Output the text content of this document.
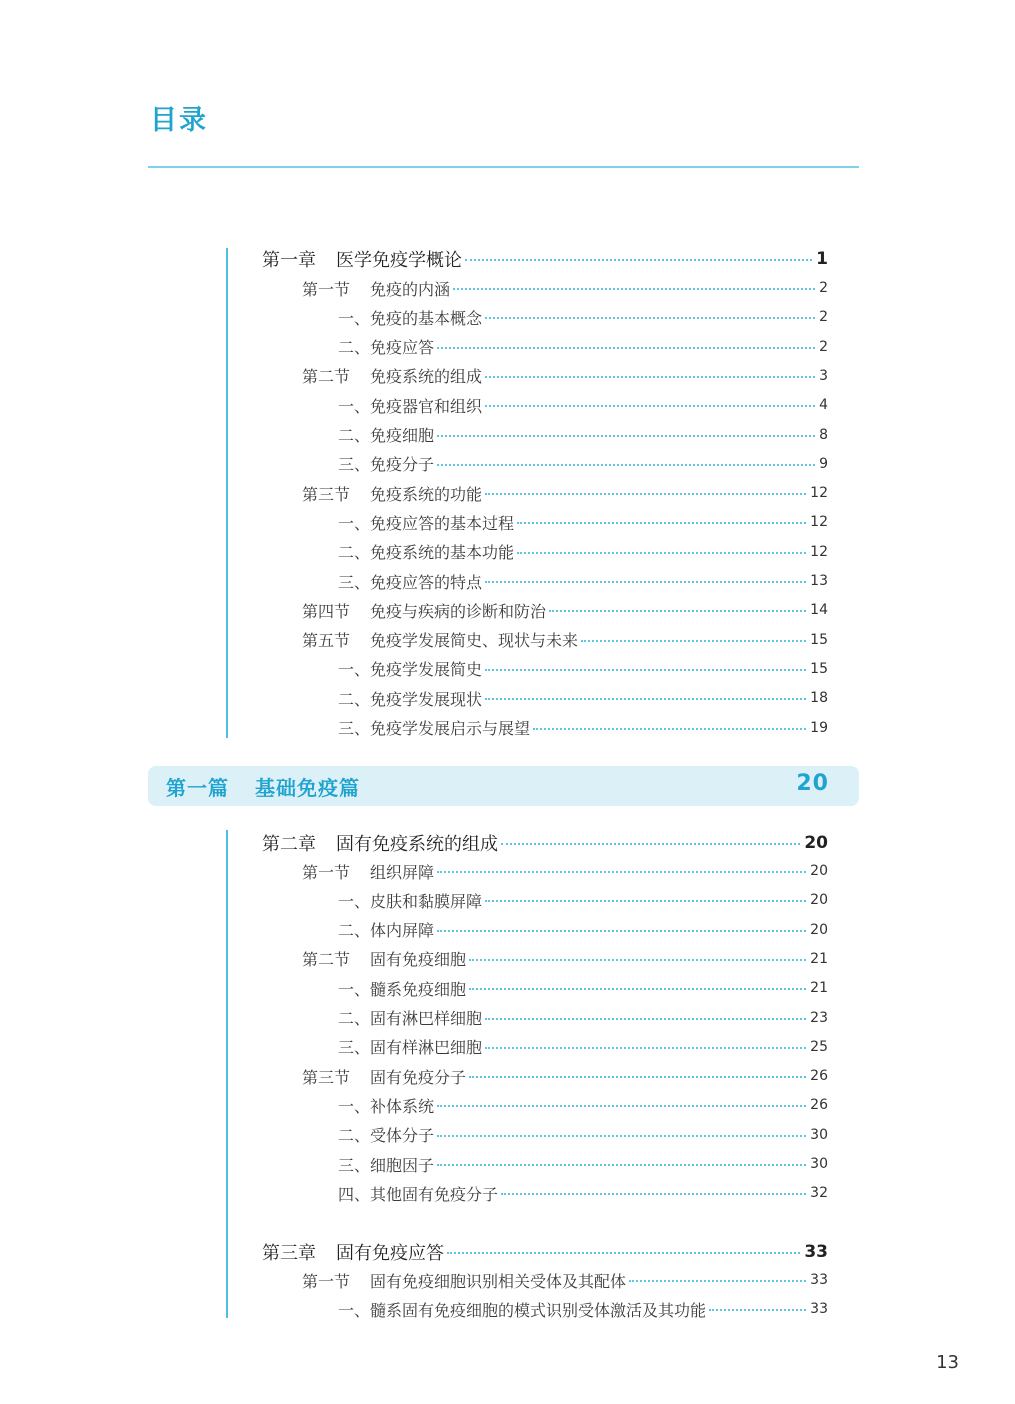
目录
第一章 医学免疫学概论	1
第一节 免疫的内涵	2
一、免疫的基本概念	2
二、免疫应答	2
第二节 免疫系统的组成	3
一、免疫器官和组织	4
二、免疫细胞	8
三、免疫分子	9
第三节 免疫系统的功能	12
一、免疫应答的基本过程	12
二、免疫系统的基本功能	12
三、免疫应答的特点	13
第四节 免疫与疾病的诊断和防治	14
第五节 免疫学发展简史、现状与未来	15
一、免疫学发展简史	15
二、免疫学发展现状	18
三、免疫学发展启示与展望	19
第一篇 基础免疫篇	20
第二章 固有免疫系统的组成	20
第一节 组织屏障	20
一、皮肤和黏膜屏障	20
二、体内屏障	20
第二节 固有免疫细胞	21
一、髓系免疫细胞	21
二、固有淋巴样细胞	23
三、固有样淋巴细胞	25
第三节 固有免疫分子	26
一、补体系统	26
二、受体分子	30
三、细胞因子	30
四、其他固有免疫分子	32
第三章 固有免疫应答	33
第一节 固有免疫细胞识别相关受体及其配体	33
一、髓系固有免疫细胞的模式识别受体激活及其功能	33
13
